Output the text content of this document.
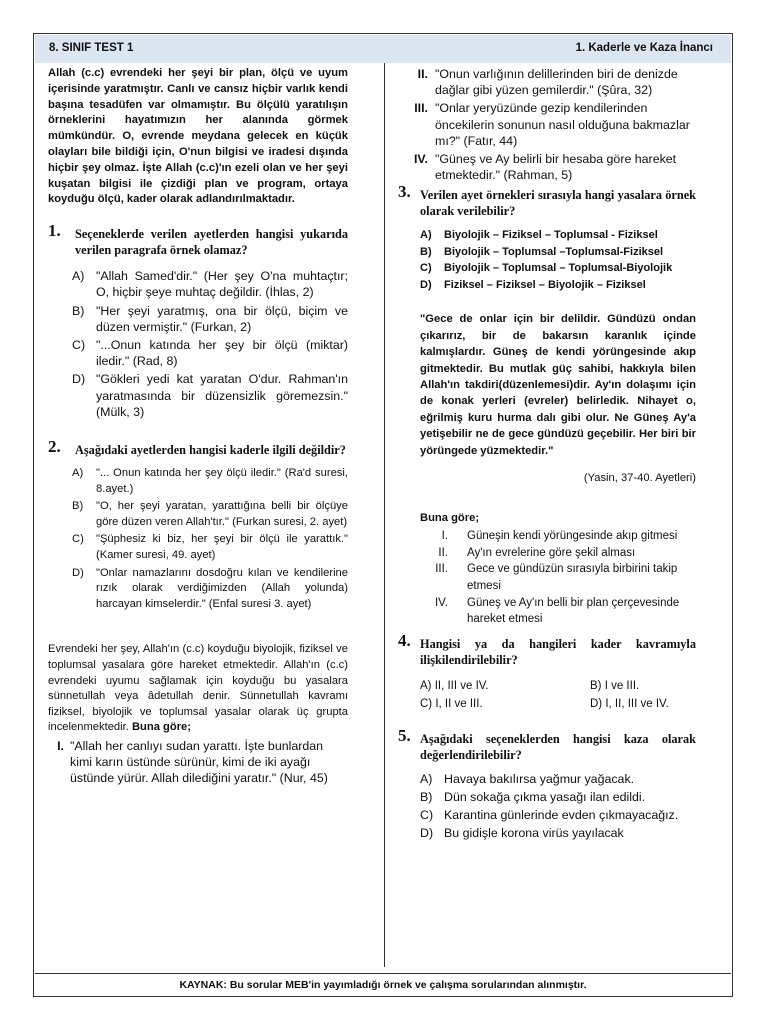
8. SINIF TEST 1	1. Kaderle ve Kaza İnancı

Allah (c.c) evrendeki her şeyi bir plan, ölçü ve uyum içerisinde yaratmıştır. Canlı ve cansız hiçbir varlık kendi başına tesadüfen var olmamıştır. Bu ölçülü yaratılışın örneklerini hayatımızın her alanında görmek mümkündür. O, evrende meydana gelecek en küçük olayları bile bildiği için, O'nun bilgisi ve iradesi dışında hiçbir şey olmaz. İşte Allah (c.c)'ın ezeli olan ve her şeyi kuşatan bilgisi ile çizdiği plan ve program, ortaya koyduğu ölçü, kader olarak adlandırılmaktadır.

1. Seçeneklerde verilen ayetlerden hangisi yukarıda verilen paragrafa örnek olamaz?

A) "Allah Samed'dir." (Her şey O'na muhtaçtır; O, hiçbir şeye muhtaç değildir. (İhlas, 2)

B) "Her şeyi yaratmış, ona bir ölçü, biçim ve düzen vermiştir." (Furkan, 2)

C) "...Onun katında her şey bir ölçü (miktar) iledir." (Rad, 8)

D) "Gökleri yedi kat yaratan O'dur. Rahman'ın yaratmasında bir düzensizlik göremezsin." (Mülk, 3)

2. Aşağıdaki ayetlerden hangisi kaderle ilgili değildir?

A) "... Onun katında her şey ölçü iledir." (Ra'd suresi, 8.ayet.)

B) "O, her şeyi yaratan, yarattığına belli bir ölçüye göre düzen veren Allah'tır." (Furkan suresi, 2. ayet)

C) "Şüphesiz ki biz, her şeyi bir ölçü ile yarattık." (Kamer suresi, 49. ayet)

D) "Onlar namazlarını dosdoğru kılan ve kendilerine rızık olarak verdiğimizden (Allah yolunda) harcayan kimselerdir." (Enfal suresi 3. ayet)

Evrendeki her şey, Allah'ın (c.c) koyduğu biyolojik, fiziksel ve toplumsal yasalara göre hareket etmektedir. Allah'ın (c.c) evrendeki uyumu sağlamak için koyduğu bu yasalara sünnetullah veya âdetullah denir. Sünnetullah kavramı fiziksel, biyolojik ve toplumsal yasalar olarak üç grupta incelenmektedir. Buna göre;

I. "Allah her canlıyı sudan yarattı. İşte bunlardan kimi karın üstünde sürünür, kimi de iki ayağı üstünde yürür. Allah dilediğini yaratır." (Nur, 45)

II. "Onun varlığının delillerinden biri de denizde dağlar gibi yüzen gemilerdir." (Şûra, 32)

III. "Onlar yeryüzünde gezip kendilerinden öncekilerin sonunun nasıl olduğuna bakmazlar mı?" (Fatır, 44)

IV. "Güneş ve Ay belirli bir hesaba göre hareket etmektedir." (Rahman, 5)

3. Verilen ayet örnekleri sırasıyla hangi yasalara örnek olarak verilebilir?

A) Biyolojik – Fiziksel – Toplumsal - Fiziksel

B) Biyolojik – Toplumsal –Toplumsal-Fiziksel

C) Biyolojik – Toplumsal – Toplumsal-Biyolojik

D) Fiziksel – Fiziksel – Biyolojik – Fiziksel

"Gece de onlar için bir delildir. Gündüzü ondan çıkarırız, bir de bakarsın karanlık içinde kalmışlardır. Güneş de kendi yörüngesinde akıp gitmektedir. Bu mutlak güç sahibi, hakkıyla bilen Allah'ın takdiri(düzenlemesi)dir. Ay'ın dolaşımı için de konak yerleri (evreler) belirledik. Nihayet o, eğrilmiş kuru hurma dalı gibi olur. Ne Güneş Ay'a yetişebilir ne de gece gündüzü geçebilir. Her biri bir yörüngede yüzmektedir."

(Yasin, 37-40. Ayetleri)

Buna göre;

I. Güneşin kendi yörüngesinde akıp gitmesi

II. Ay'ın evrelerine göre şekil alması

III. Gece ve gündüzün sırasıyla birbirini takip etmesi

IV. Güneş ve Ay'ın belli bir plan çerçevesinde hareket etmesi

4. Hangisi ya da hangileri kader kavramıyla ilişkilendirilebilir?

A) II, III ve IV.	B) I ve III.

C) I, II ve III.	D) I, II, III ve IV.

5. Aşağıdaki seçeneklerden hangisi kaza olarak değerlendirilebilir?

A) Havaya bakılırsa yağmur yağacak.

B) Dün sokağa çıkma yasağı ilan edildi.

C) Karantina günlerinde evden çıkmayacağız.

D) Bu gidişle korona virüs yayılacak

KAYNAK: Bu sorular MEB'in yayımladığı örnek ve çalışma sorularından alınmıştır.
